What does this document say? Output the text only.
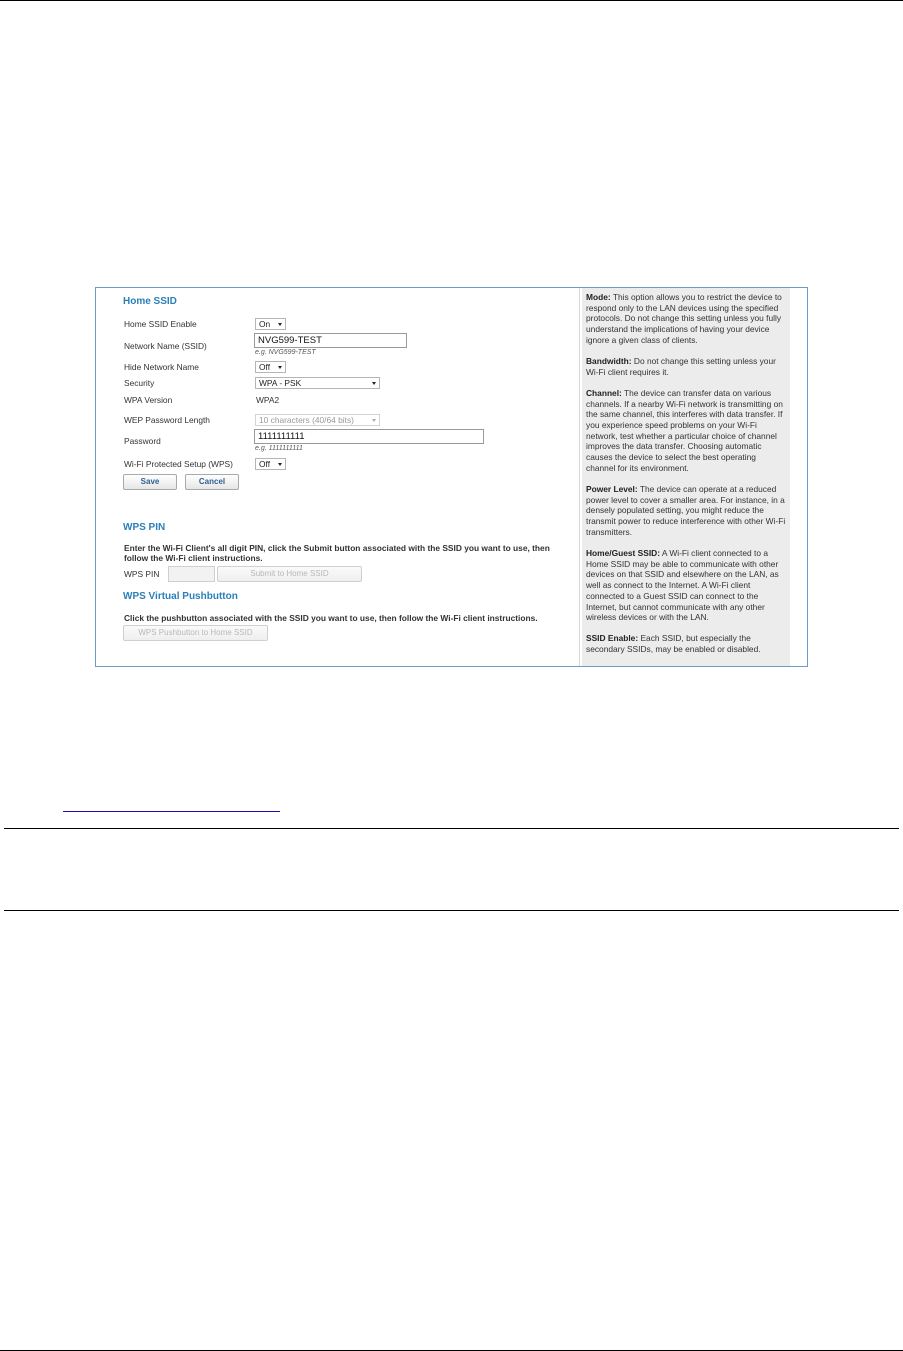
Home SSID
Home SSID Enable	On
Network Name (SSID)	NVG599-TEST
e.g. NVG599-TEST
Hide Network Name	Off
Security	WPA - PSK
WPA Version	WPA2
WEP Password Length	10 characters (40/64 bits)
Password	1111111111
e.g. 1111111111
Wi-Fi Protected Setup (WPS)	Off
Save	Cancel
WPS PIN
Enter the Wi-Fi Client's all digit PIN, click the Submit button associated with the SSID you want to use, then
follow the Wi-Fi client instructions.
WPS PIN	Submit to Home SSID
WPS Virtual Pushbutton
Click the pushbutton associated with the SSID you want to use, then follow the Wi-Fi client instructions.
WPS Pushbutton to Home SSID

Mode: This option allows you to restrict the device to respond only to the LAN devices using the specified protocols. Do not change this setting unless you fully understand the implications of having your device ignore a given class of clients.

Bandwidth: Do not change this setting unless your Wi-Fi client requires it.

Channel: The device can transfer data on various channels. If a nearby Wi-Fi network is transmitting on the same channel, this interferes with data transfer. If you experience speed problems on your Wi-Fi network, test whether a particular choice of channel improves the data transfer. Choosing automatic causes the device to select the best operating channel for its environment.

Power Level: The device can operate at a reduced power level to cover a smaller area. For instance, in a densely populated setting, you might reduce the transmit power to reduce interference with other Wi-Fi transmitters.

Home/Guest SSID: A Wi-Fi client connected to a Home SSID may be able to communicate with other devices on that SSID and elsewhere on the LAN, as well as connect to the Internet. A Wi-Fi client connected to a Guest SSID can connect to the Internet, but cannot communicate with any other wireless devices or with the LAN.

SSID Enable: Each SSID, but especially the secondary SSIDs, may be enabled or disabled.
